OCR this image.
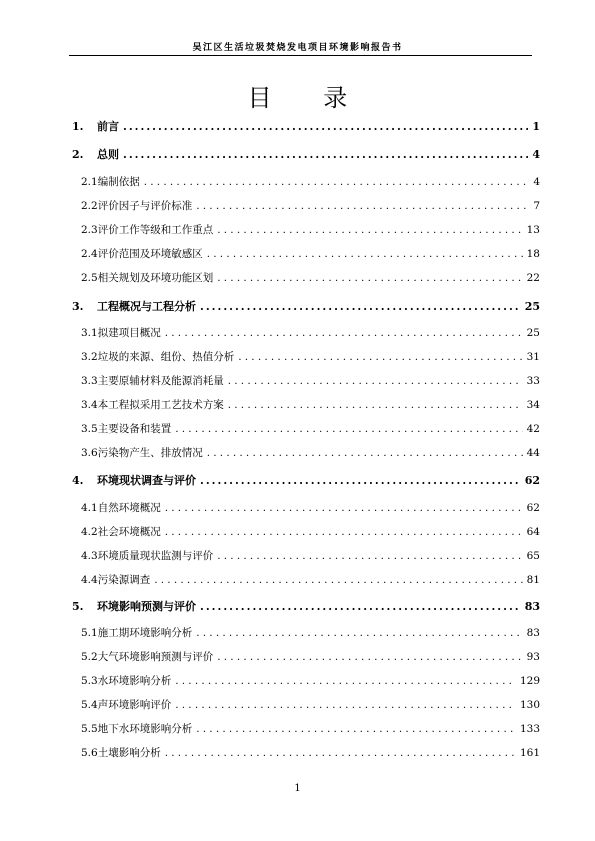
吴江区生活垃圾焚烧发电项目环境影响报告书
目 录
1.	前言 .....	1
2.	总则 .....	4
2.1 编制依据 .....	4
2.2 评价因子与评价标准 .....	7
2.3 评价工作等级和工作重点 .....	13
2.4 评价范围及环境敏感区 .....	18
2.5 相关规划及环境功能区划 .....	22
3.	工程概况与工程分析 .....	25
3.1 拟建项目概况 .....	25
3.2 垃圾的来源、组份、热值分析 .....	31
3.3 主要原辅材料及能源消耗量 .....	33
3.4 本工程拟采用工艺技术方案 .....	34
3.5 主要设备和装置 .....	42
3.6 污染物产生、排放情况 .....	44
4.	环境现状调查与评价 .....	62
4.1 自然环境概况 .....	62
4.2 社会环境概况 .....	64
4.3 环境质量现状监测与评价 .....	65
4.4 污染源调查 .....	81
5.	环境影响预测与评价 .....	83
5.1 施工期环境影响分析 .....	83
5.2 大气环境影响预测与评价 .....	93
5.3 水环境影响分析 .....	129
5.4 声环境影响评价 .....	130
5.5 地下水环境影响分析 .....	133
5.6 土壤影响分析 .....	161
1
